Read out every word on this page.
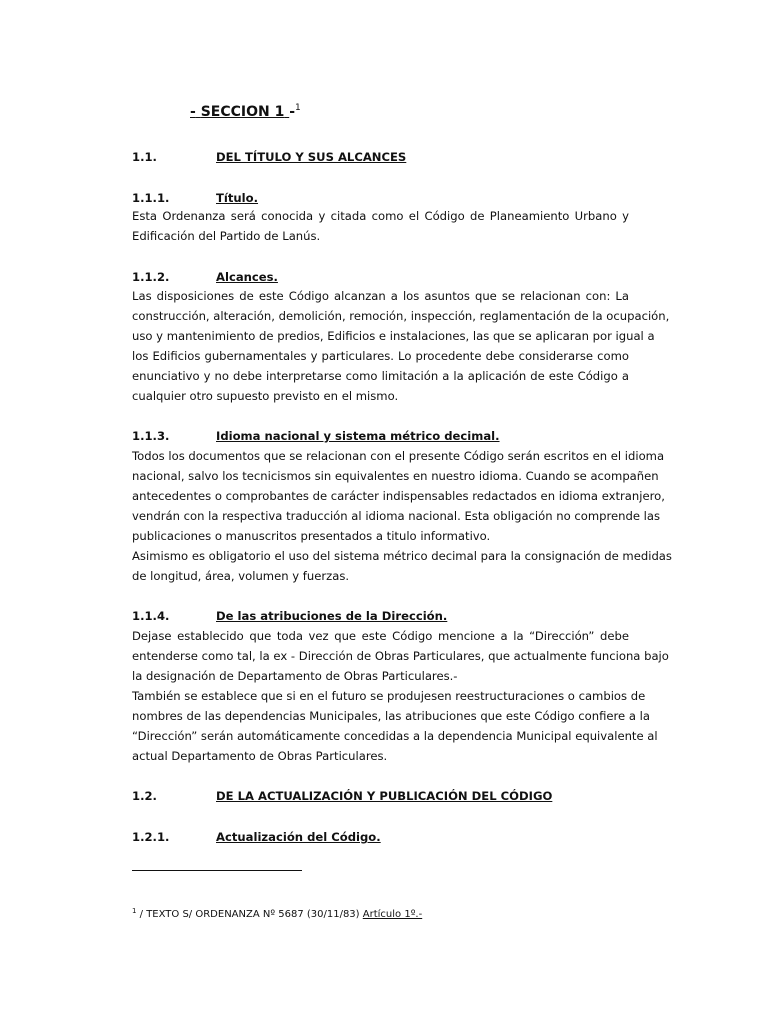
- SECCION 1 -$^1$
1.1.	DEL TÍTULO Y SUS ALCANCES
1.1.1.	Título.
Esta Ordenanza será conocida y citada como el Código de Planeamiento Urbano y
Edificación del Partido de Lanús.
1.1.2.	Alcances.
Las disposiciones de este Código alcanzan a los asuntos que se relacionan con: La
construcción, alteración, demolición, remoción, inspección, reglamentación de la ocupación,
uso y mantenimiento de predios, Edificios e instalaciones, las que se aplicaran por igual a
los Edificios gubernamentales y particulares. Lo procedente debe considerarse como
enunciativo y no debe interpretarse como limitación a la aplicación de este Código a
cualquier otro supuesto previsto en el mismo.
1.1.3.	Idioma nacional y sistema métrico decimal.
Todos los documentos que se relacionan con el presente Código serán escritos en el idioma
nacional, salvo los tecnicismos sin equivalentes en nuestro idioma. Cuando se acompañen
antecedentes o comprobantes de carácter indispensables redactados en idioma extranjero,
vendrán con la respectiva traducción al idioma nacional. Esta obligación no comprende las
publicaciones o manuscritos presentados a titulo informativo.
Asimismo es obligatorio el uso del sistema métrico decimal para la consignación de medidas
de longitud, área, volumen y fuerzas.
1.1.4.	De las atribuciones de la Dirección.
Dejase establecido que toda vez que este Código mencione a la “Dirección” debe
entenderse como tal, la ex - Dirección de Obras Particulares, que actualmente funciona bajo
la designación de Departamento de Obras Particulares.-
También se establece que si en el futuro se produjesen reestructuraciones o cambios de
nombres de las dependencias Municipales, las atribuciones que este Código confiere a la
“Dirección” serán automáticamente concedidas a la dependencia Municipal equivalente al
actual Departamento de Obras Particulares.
1.2.	DE LA ACTUALIZACIÓN Y PUBLICACIÓN DEL CÓDIGO
1.2.1.	Actualización del Código.
$^1$ / TEXTO S/ ORDENANZA Nº 5687 (30/11/83) Artículo 1º.-
